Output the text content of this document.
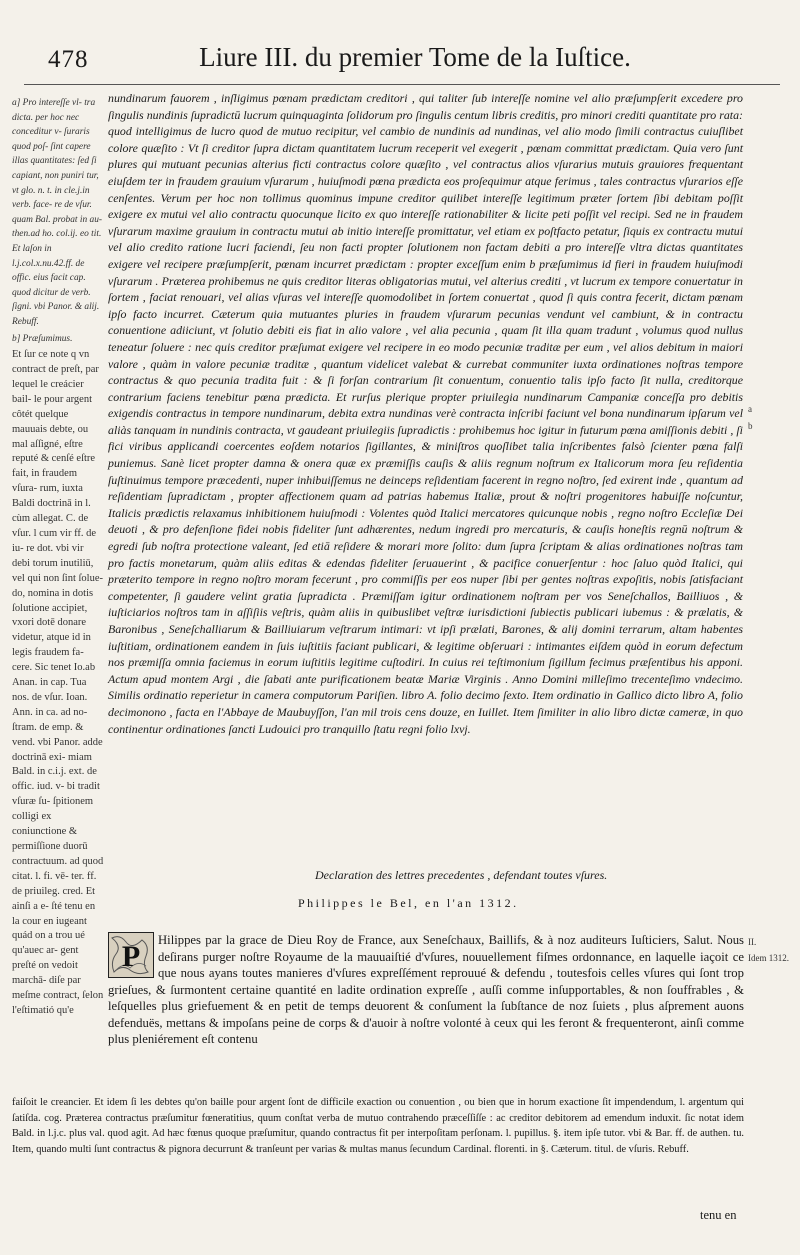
478	Liure III. du premier Tome de la Iuſtice.

a] Pro intereſſe vl- tra dicta. per hoc nec conceditur v- ſuraris quod poſ- ſint capere illas quantitates: ſed ſi capiant, non puniri tur, vt glo. n. t. in cle.j.in verb. face- re de vſur. quam Bal. probat in au- then.ad ho. col.ij. eo tit. Et laſon in l.j.col.x.nu.42.ff. de offic. eius facit cap. quod dicitur de verb. ſigni. vbi Panor. & alij. Rebuff.

b] Præſumimus.

Et ſur ce note q vn contract de preſt, par lequel le creácier bail- le pour argent côtét quelque mauuais debte, ou mal aſſigné, eſtre reputé & cenſé eſtre fait, in fraudem vſura- rum, iuxta Baldi doctrinā in l. cùm allegat. C. de vſur. l cum vir ff. de iu- re dot. vbi vir debi torum inutiliū, vel qui non ſint ſolue- do, nomina in dotis ſolutione accipiet, vxori dotē donare videtur, atque id in legis fraudem fa- cere. Sic tenet Io.ab Anan. in cap. Tua nos. de vſur. Ioan. Ann. in ca. ad no- ſtram. de emp. & vend. vbi Panor. adde doctrinā exi- miam Bald. in c.i.j. ext. de offic. iud. v- bi tradit vſuræ ſu- ſpitionem colligi ex coniunctione & permiſſione duorū contractuum. ad quod citat. l. fi. vē- ter. ff. de priuileg. cred. Et ainſi a e- ſté tenu en la cour en iugeant quád on a trou ué qu'auec ar- gent preſté on vedoit marchā- diſe par meſme contract, ſelon l'eſtimatió qu'e

nundinarum fauorem , inſligimus pœnam prædictam creditori , qui taliter ſub intereſſe nomine vel alio præſumpſerit excedere pro ſingulis nundinis ſupradictū lucrum quinquaginta ſolidorum pro ſingulis centum libris creditis, pro minori crediti quantitate pro rata: quod intelligimus de lucro quod de mutuo recipitur, vel cambio de nundinis ad nundinas, vel alio modo ſimili contractus cuiuſlibet colore quæſito : Vt ſi creditor ſupra dictam quantitatem lucrum receperit vel exegerit , pœnam committat prædictam. Quia vero ſunt plures qui mutuant pecunias alterius ficti contractus colore quæſito , vel contractus alios vſurarius mutuis grauiores frequentant eiuſdem ter in fraudem grauium vſurarum , huiuſmodi pœna prædicta eos proſequimur atque ferimus , tales contractus vſurarios eſſe cenſentes. Verum per hoc non tollimus quominus impune creditor quilibet intereſſe legitimum præter ſortem ſibi debitam poſſit exigere ex mutui vel alio contractu quocunque licito ex quo intereſſe rationabiliter & licite peti poſſit vel recipi. Sed ne in fraudem vſurarum maxime grauium in contractu mutui ab initio intereſſe promittatur, vel etiam ex poſtfacto petatur, ſiquis ex contractu mutui vel alio credito ratione lucri faciendi, ſeu non facti propter ſolutionem non factam debiti a pro intereſſe vltra dictas quantitates exigere vel recipere præſumpſerit, pœnam incurret prædictam : propter exceſſum enim b præſumimus id fieri in fraudem huiuſmodi vſurarum . Præterea prohibemus ne quis creditor literas obligatorias mutui, vel alterius crediti , vt lucrum ex tempore conuertatur in ſortem , faciat renouari, vel alias vſuras vel intereſſe quomodolibet in ſortem conuertat , quod ſi quis contra fecerit, dictam pœnam ipſo facto incurret. Cæterum quia mutuantes pluries in fraudem vſurarum pecunias vendunt vel cambiunt, & in contractu conuentione adiiciunt, vt ſolutio debiti eis fiat in alio valore , vel alia pecunia , quam ſit illa quam tradunt , volumus quod nullus teneatur ſoluere : nec quis creditor præſumat exigere vel recipere in eo modo pecuniæ traditæ per eum , vel alios debitum in maiori valore , quàm in valore pecuniæ traditæ , quantum videlicet valebat & currebat communiter iuxta ordinationes noſtras tempore contractus & quo pecunia tradita fuit : & ſi forſan contrarium ſit conuentum, conuentio talis ipſo facto ſit nulla, creditorque contrarium faciens tenebitur pœna prædicta. Et rurſus plerique propter priuilegia nundinarum Campaniæ conceſſa pro debitis exigendis contractus in tempore nundinarum, debita extra nundinas verè contracta inſcribi faciunt vel bona nundinarum ipſarum vel aliàs tanquam in nundinis contracta, vt gaudeant priuilegiis ſupradictis : prohibemus hoc igitur in futurum pœna amiſſionis debiti , ſi fici viribus applicandi coercentes eoſdem notarios ſigillantes, & miniſtros quoſlibet talia inſcribentes falsò ſcienter pœna falſi puniemus. Sanè licet propter damna & onera quæ ex præmiſſis cauſis & aliis regnum noſtrum ex Italicorum mora ſeu reſidentia ſuſtinuimus tempore præcedenti, nuper inhibuiſſemus ne deinceps reſidentiam facerent in regno noſtro, ſed exirent inde , quantum ad reſidentiam ſupradictam , propter affectionem quam ad patrias habemus Italiæ, prout & noſtri progenitores habuiſſe noſcuntur, Italicis prædictis relaxamus inhibitionem huiuſmodi : Volentes quòd Italici mercatores quicunque nobis , regno noſtro Eccleſiæ Dei deuoti , & pro defenſione fidei nobis fideliter ſunt adhærentes, nedum ingredi pro mercaturis, & cauſis honeſtis regnū noſtrum & egredi ſub noſtra protectione valeant, ſed etiā reſidere & morari more ſolito: dum ſupra ſcriptam & alias ordinationes noſtras tam pro factis monetarum, quàm aliis editas & edendas fideliter ſeruauerint , & pacifice conuerſentur : hoc ſaluo quòd Italici, qui præterito tempore in regno noſtro moram fecerunt , pro commiſſis per eos nuper ſibi per gentes noſtras expoſitis, nobis ſatisfaciant competenter, ſi gaudere velint gratia ſupradicta . Præmiſſam igitur ordinationem noſtram per vos Seneſchallos, Bailliuos , & iuſticiarios noſtros tam in aſſiſiis veſtris, quàm aliis in quibuslibet veſtræ iurisdictioni ſubiectis publicari iubemus : & prælatis, & Baronibus , Seneſchalliarum & Bailliuiarum veſtrarum intimari: vt ipſi prælati, Barones, & alij domini terrarum, altam habentes iuſtitiam, ordinationem eandem in ſuis iuſtitiis faciant publicari, & legitime obſeruari : intimantes eiſdem quòd in eorum defectum nos præmiſſa omnia faciemus in eorum iuſtitiis legitime cuſtodiri. In cuius rei teſtimonium ſigillum fecimus præſentibus his apponi. Actum apud montem Argi , die ſabati ante purificationem beatæ Mariæ Virginis . Anno Domini milleſimo trecenteſimo vndecimo. Similis ordinatio reperietur in camera computorum Pariſien. libro A. folio decimo ſexto. Item ordinatio in Gallico dicto libro A, folio decimonono , facta en l'Abbaye de Maubuyſſon, l'an mil trois cens douze, en Iuillet. Item ſimiliter in alio libro dictæ cameræ, in quo continentur ordinationes ſancti Ludouici pro tranquillo ſtatu regni folio lxvj.

a
b
II.
Idem 1312.
Declaration des lettres precedentes , defendant toutes vſures.
Philippes le Bel, en l'an 1312.
P	Hilippes par la grace de Dieu Roy de France, aux Seneſchaux, Baillifs, & à noz auditeurs Iuſticiers, Salut. Nous deſirans purger noſtre Royaume de la mauuaiſtié d'vſures, nouuellement fiſmes ordonnance, en laquelle iaçoit ce que nous ayans toutes manieres d'vſures expreſſément reprouué & defendu , toutesfois celles vſures qui ſont trop grieſues, & ſurmontent certaine quantité en ladite ordination expreſſe , auſſi comme inſupportables, & non ſouffrables , & leſquelles plus griefuement & en petit de temps deuorent & conſument la ſubſtance de noz ſuiets , plus aſprement auons defenduës, mettans & impoſans peine de corps & d'auoir à noſtre volonté à ceux qui les feront & frequenteront, ainſi comme plus pleniérement eſt contenu

faiſoit le creancier. Et idem ſi les debtes qu'on baille pour argent ſont de difficile exaction ou conuention , ou bien que in horum exactione ſit impendendum, l. argentum qui ſatiſda. cog. Præterea contractus præſumitur fœneratitius, quum conſtat verba de mutuo contrahendo præceſſiſſe : ac creditor debitorem ad emendum induxit. ſic notat idem Bald. in l.j.c. plus val. quod agit. Ad hæc fœnus quoque præſumitur, quando contractus fit per interpoſitam perſonam. l. pupillus. §. item ipſe tutor. vbi & Bar. ff. de authen. tu. Item, quando multi ſunt contractus & pignora decurrunt & tranſeunt per varias & multas manus ſecundum Cardinal. florenti. in §. Cæterum. titul. de vſuris. Rebuff.
tenu en
